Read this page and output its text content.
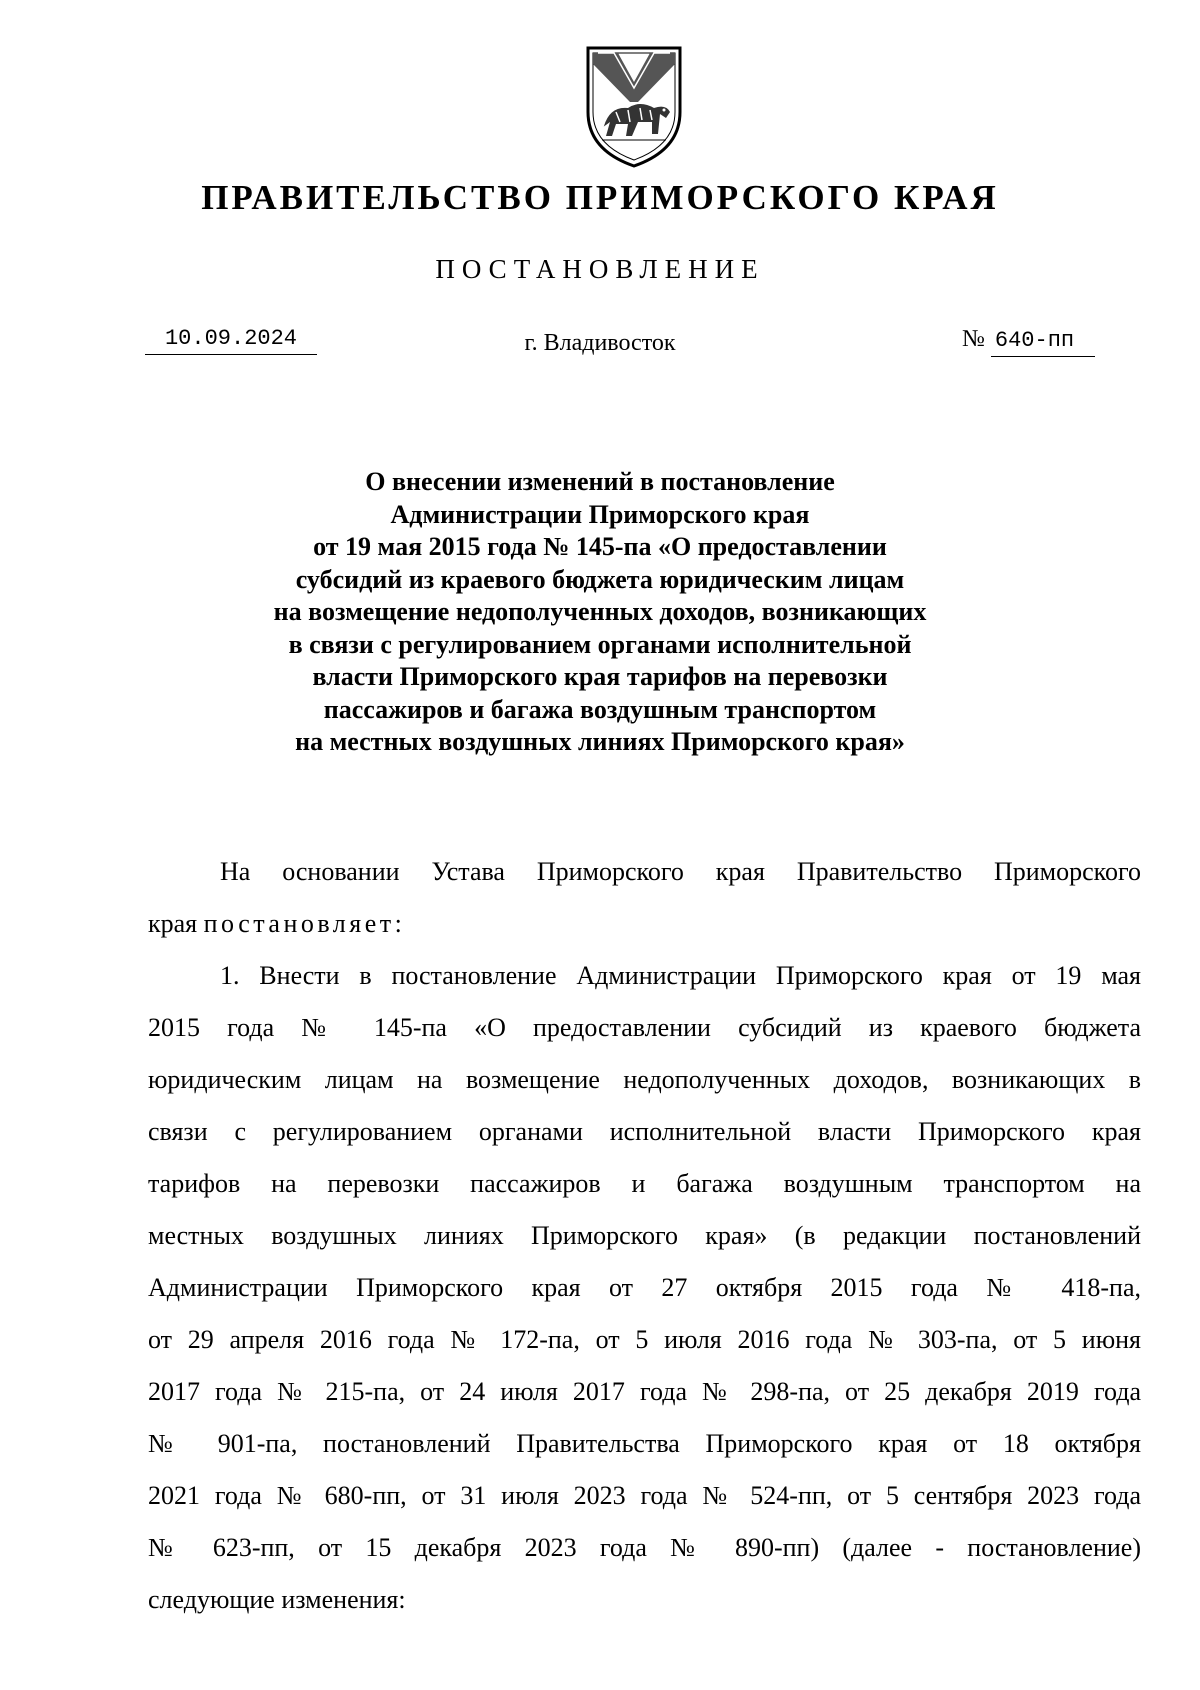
ПРАВИТЕЛЬСТВО ПРИМОРСКОГО КРАЯ
ПОСТАНОВЛЕНИЕ
10.09.2024	г. Владивосток	№ 640-пп
О внесении изменений в постановление
Администрации Приморского края
от 19 мая 2015 года № 145-па «О предоставлении
субсидий из краевого бюджета юридическим лицам
на возмещение недополученных доходов, возникающих
в связи с регулированием органами исполнительной
власти Приморского края тарифов на перевозки
пассажиров и багажа воздушным транспортом
на местных воздушных линиях Приморского края»
На основании Устава Приморского края Правительство Приморского
края постановляет:
1. Внести в постановление Администрации Приморского края от 19 мая
2015 года № 145-па «О предоставлении субсидий из краевого бюджета
юридическим лицам на возмещение недополученных доходов, возникающих в
связи с регулированием органами исполнительной власти Приморского края
тарифов на перевозки пассажиров и багажа воздушным транспортом на
местных воздушных линиях Приморского края» (в редакции постановлений
Администрации Приморского края от 27 октября 2015 года № 418-па,
от 29 апреля 2016 года № 172-па, от 5 июля 2016 года № 303-па, от 5 июня
2017 года № 215-па, от 24 июля 2017 года № 298-па, от 25 декабря 2019 года
№ 901-па, постановлений Правительства Приморского края от 18 октября
2021 года № 680-пп, от 31 июля 2023 года № 524-пп, от 5 сентября 2023 года
№ 623-пп, от 15 декабря 2023 года № 890-пп) (далее - постановление)
следующие изменения:
